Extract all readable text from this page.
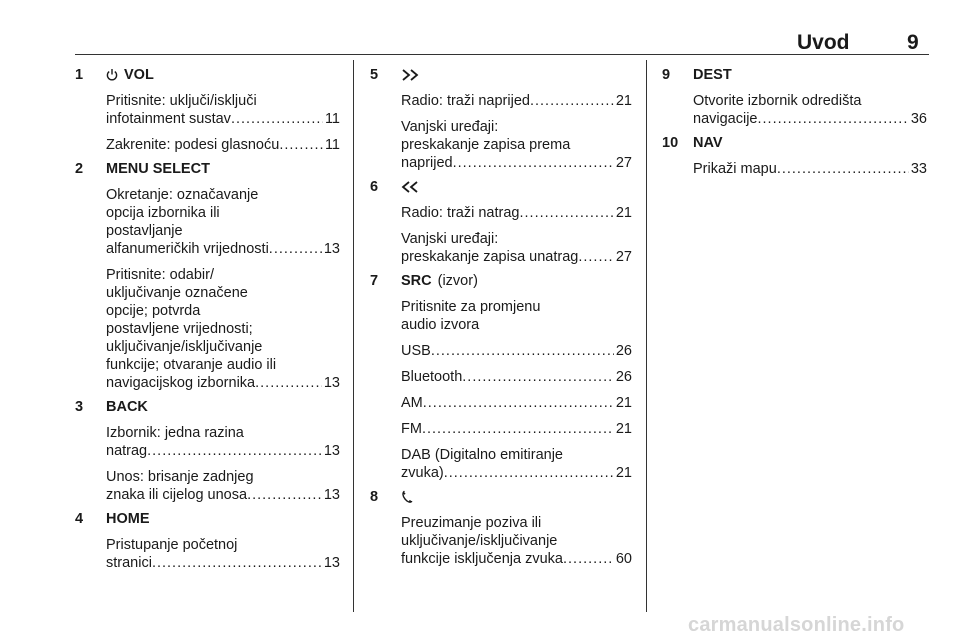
Uvod	9
1	VOL
Pritisnite: uključi/isključi
infotainment sustav .....	11
Zakrenite: podesi glasnoću .....	11
2 MENU SELECT
Okretanje: označavanje
opcija izbornika ili
postavljanje
alfanumeričkih vrijednosti .....	13
Pritisnite: odabir/
uključivanje označene
opcije; potvrda
postavljene vrijednosti;
uključivanje/isključivanje
funkcije; otvaranje audio ili
navigacijskog izbornika .....	13
3 BACK
Izbornik: jedna razina
natrag .....	13
Unos: brisanje zadnjeg
znaka ili cijelog unosa .....	13
4 HOME
Pristupanje početnoj
stranici .....	13
5
Radio: traži naprijed .....	21
Vanjski uređaji:
preskakanje zapisa prema
naprijed .....	27
6
Radio: traži natrag .....	21
Vanjski uređaji:
preskakanje zapisa unatrag .....	27
7 SRC (izvor)
Pritisnite za promjenu
audio izvora
USB .....	26
Bluetooth .....	26
AM .....	21
FM .....	21
DAB (Digitalno emitiranje
zvuka) .....	21
8
Preuzimanje poziva ili
uključivanje/isključivanje
funkcije isključenja zvuka .....	60
9 DEST
Otvorite izbornik odredišta
navigacije .....	36
10 NAV
Prikaži mapu .....	33
carmanualsonline.info
